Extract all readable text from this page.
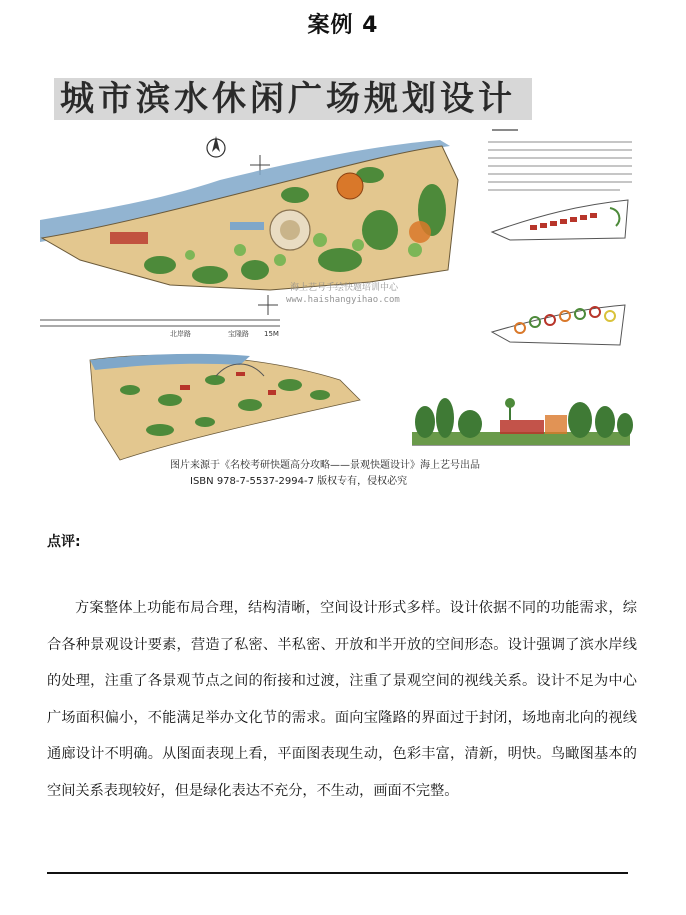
案例 4
城市滨水休闲广场规划设计
北岸路	宝隆路 15M
海上艺号手绘快题培训中心
www.haishangyihao.com
图片来源于《名校考研快题高分攻略——景观快题设计》海上艺号出品
ISBN 978-7-5537-2994-7 版权专有，侵权必究
点评:

方案整体上功能布局合理，结构清晰，空间设计形式多样。设计依据不同的功能需求，综合各种景观设计要素，营造了私密、半私密、开放和半开放的空间形态。设计强调了滨水岸线的处理，注重了各景观节点之间的衔接和过渡，注重了景观空间的视线关系。设计不足为中心广场面积偏小，不能满足举办文化节的需求。面向宝隆路的界面过于封闭，场地南北向的视线通廊设计不明确。从图面表现上看，平面图表现生动，色彩丰富，清新，明快。鸟瞰图基本的空间关系表现较好，但是绿化表达不充分，不生动，画面不完整。
